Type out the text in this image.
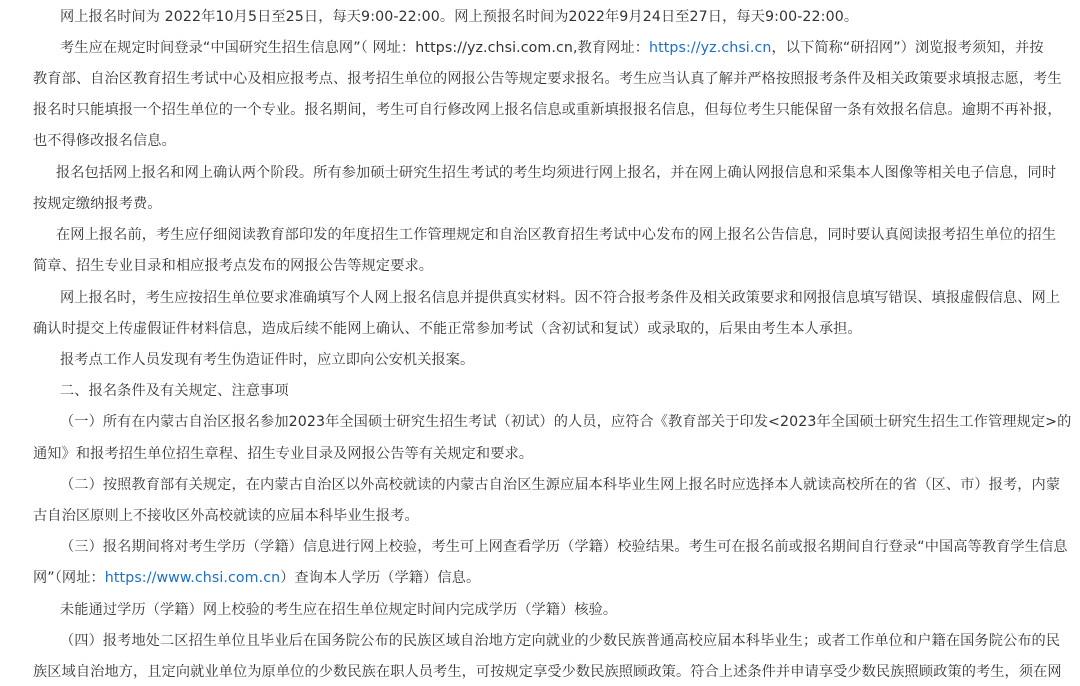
网上报名时间为 2022年10月5日至25日，每天9:00-22:00。网上预报名时间为2022年9月24日至27日，每天9:00-22:00。

考生应在规定时间登录“中国研究生招生信息网”（ 网址：https://yz.chsi.com.cn,教育网址：https://yz.chsi.cn，以下简称“研招网”）浏览报考须知，并按

教育部、自治区教育招生考试中心及相应报考点、报考招生单位的网报公告等规定要求报名。考生应当认真了解并严格按照报考条件及相关政策要求填报志愿，考生

报名时只能填报一个招生单位的一个专业。报名期间，考生可自行修改网上报名信息或重新填报报名信息，但每位考生只能保留一条有效报名信息。逾期不再补报，

也不得修改报名信息。

报名包括网上报名和网上确认两个阶段。所有参加硕士研究生招生考试的考生均须进行网上报名，并在网上确认网报信息和采集本人图像等相关电子信息，同时

按规定缴纳报考费。

在网上报名前，考生应仔细阅读教育部印发的年度招生工作管理规定和自治区教育招生考试中心发布的网上报名公告信息，同时要认真阅读报考招生单位的招生

简章、招生专业目录和相应报考点发布的网报公告等规定要求。

网上报名时，考生应按招生单位要求准确填写个人网上报名信息并提供真实材料。因不符合报考条件及相关政策要求和网报信息填写错误、填报虚假信息、网上

确认时提交上传虚假证件材料信息，造成后续不能网上确认、不能正常参加考试（含初试和复试）或录取的，后果由考生本人承担。

报考点工作人员发现有考生伪造证件时，应立即向公安机关报案。

二、报名条件及有关规定、注意事项

（一）所有在内蒙古自治区报名参加2023年全国硕士研究生招生考试（初试）的人员，应符合《教育部关于印发<2023年全国硕士研究生招生工作管理规定>的

通知》和报考招生单位招生章程、招生专业目录及网报公告等有关规定和要求。

（二）按照教育部有关规定，在内蒙古自治区以外高校就读的内蒙古自治区生源应届本科毕业生网上报名时应选择本人就读高校所在的省（区、市）报考，内蒙

古自治区原则上不接收区外高校就读的应届本科毕业生报考。

（三）报名期间将对考生学历（学籍）信息进行网上校验，考生可上网查看学历（学籍）校验结果。考生可在报名前或报名期间自行登录“中国高等教育学生信息

网”（网址：https://www.chsi.com.cn）查询本人学历（学籍）信息。

未能通过学历（学籍）网上校验的考生应在招生单位规定时间内完成学历（学籍）核验。

（四）报考地处二区招生单位且毕业后在国务院公布的民族区域自治地方定向就业的少数民族普通高校应届本科毕业生；或者工作单位和户籍在国务院公布的民

族区域自治地方，且定向就业单位为原单位的少数民族在职人员考生，可按规定享受少数民族照顾政策。符合上述条件并申请享受少数民族照顾政策的考生，须在网
